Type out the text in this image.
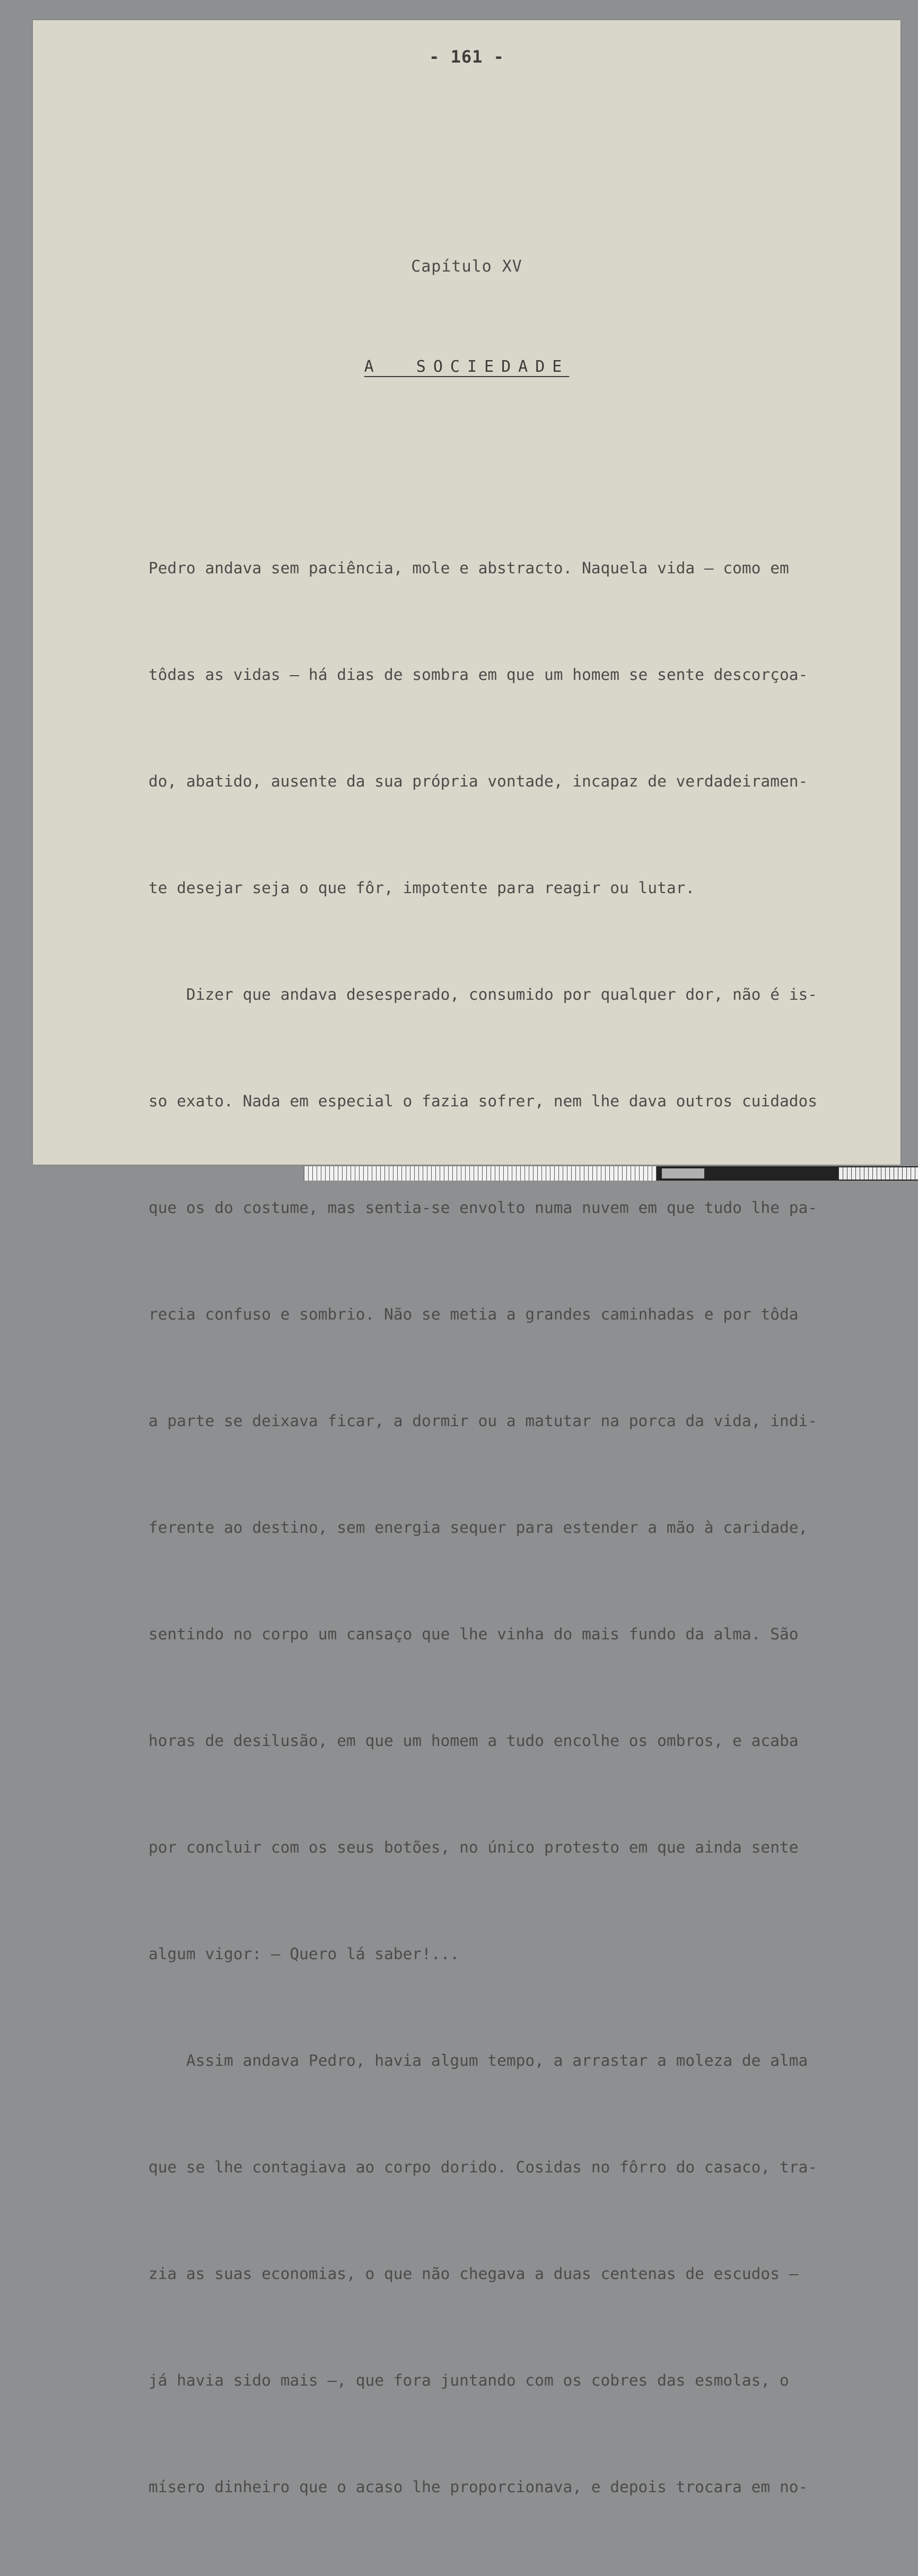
- 161 -
Capítulo XV
A SOCIEDADE

Pedro andava sem paciência, mole e abstracto. Naquela vida — como em

tôdas as vidas — há dias de sombra em que um homem se sente descorçoa-

do, abatido, ausente da sua própria vontade, incapaz de verdadeiramen-

te desejar seja o que fôr, impotente para reagir ou lutar.

Dizer que andava desesperado, consumido por qualquer dor, não é is-

so exato. Nada em especial o fazia sofrer, nem lhe dava outros cuidados

que os do costume, mas sentia-se envolto numa nuvem em que tudo lhe pa-

recia confuso e sombrio. Não se metia a grandes caminhadas e por tôda

a parte se deixava ficar, a dormir ou a matutar na porca da vida, indi-

ferente ao destino, sem energia sequer para estender a mão à caridade,

sentindo no corpo um cansaço que lhe vinha do mais fundo da alma. São

horas de desilusão, em que um homem a tudo encolhe os ombros, e acaba

por concluir com os seus botões, no único protesto em que ainda sente

algum vigor: — Quero lá saber!...

Assim andava Pedro, havia algum tempo, a arrastar a moleza de alma

que se lhe contagiava ao corpo dorido. Cosidas no fôrro do casaco, tra-

zia as suas economias, o que não chegava a duas centenas de escudos —

já havia sido mais —, que fora juntando com os cobres das esmolas, o

mísero dinheiro que o acaso lhe proporcionava, e depois trocara em no-
